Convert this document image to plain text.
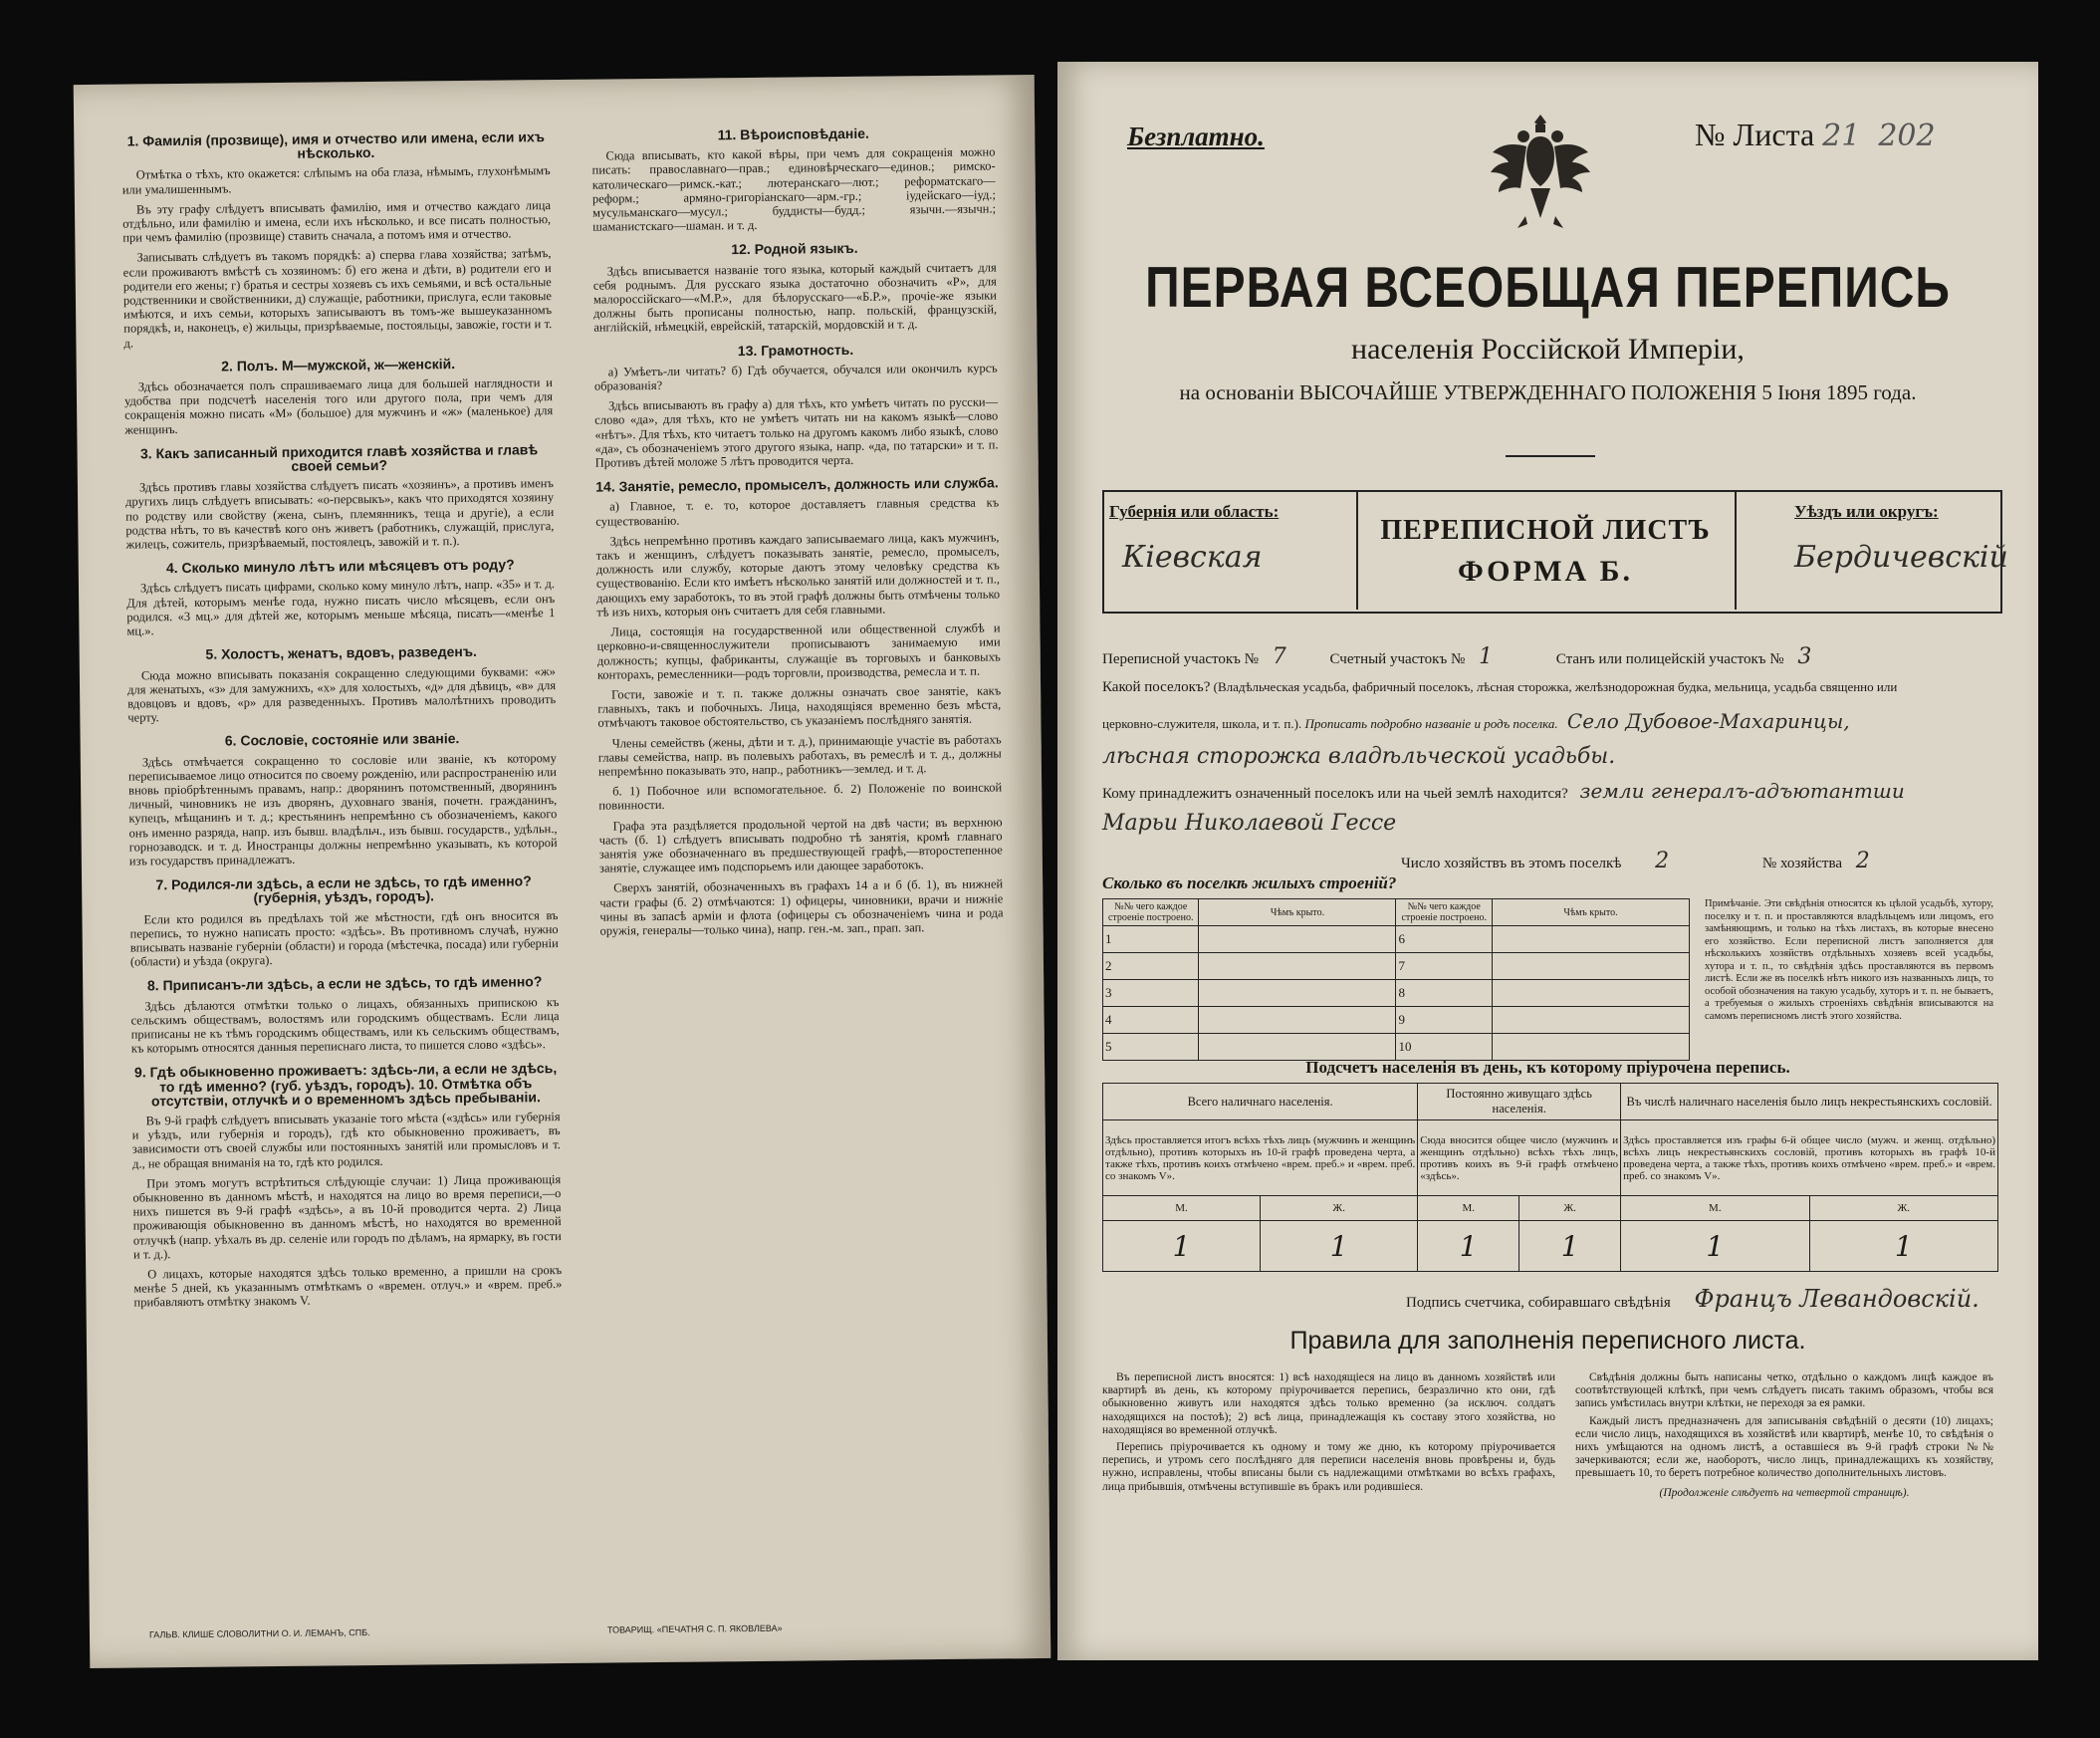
1. Фамилія (прозвище), имя и отчество или имена, если ихъ нѣсколько.

Отмѣтка о тѣхъ, кто окажется: слѣпымъ на оба глаза, нѣмымъ, глухонѣмымъ или умалишеннымъ.

Въ эту графу слѣдуетъ вписывать фамилію, имя и отчество каждаго лица отдѣльно, или фамилію и имена, если ихъ нѣсколько, и все писать полностью, при чемъ фамилію (прозвище) ставить сначала, а потомъ имя и отчество.

Записывать слѣдуетъ въ такомъ порядкѣ: а) сперва глава хозяйства; затѣмъ, если проживаютъ вмѣстѣ съ хозяиномъ: б) его жена и дѣти, в) родители его и родители его жены; г) братья и сестры хозяевъ съ ихъ семьями, и всѣ остальные родственники и свойственники, д) служащіе, работники, прислуга, если таковые имѣются, и ихъ семьи, которыхъ записываютъ въ томъ-же вышеуказанномъ порядкѣ, и, наконецъ, е) жильцы, призрѣваемые, постояльцы, завожіе, гости и т. д.

2. Полъ. М—мужской, ж—женскій.

Здѣсь обозначается полъ спрашиваемаго лица для большей наглядности и удобства при подсчетѣ населенія того или другого пола, при чемъ для сокращенія можно писать «М» (большое) для мужчинъ и «ж» (маленькое) для женщинъ.

3. Какъ записанный приходится главѣ хозяйства и главѣ своей семьи?

Здѣсь противъ главы хозяйства слѣдуетъ писать «хозяинъ», а противъ именъ другихъ лицъ слѣдуетъ вписывать: «о-персвыкъ», какъ что приходятся хозяину по родству или свойству (жена, сынъ, племянникъ, теща и другіе), а если родства нѣтъ, то въ качествѣ кого онъ живетъ (работникъ, служащій, прислуга, жилецъ, сожитель, призрѣваемый, постоялецъ, завожій и т. п.).

4. Сколько минуло лѣтъ или мѣсяцевъ отъ роду?

Здѣсь слѣдуетъ писать цифрами, сколько кому минуло лѣтъ, напр. «35» и т. д. Для дѣтей, которымъ менѣе года, нужно писать число мѣсяцевъ, если онъ родился. «3 мц.» для дѣтей же, которымъ меньше мѣсяца, писать—«менѣе 1 мц.».

5. Холостъ, женатъ, вдовъ, разведенъ.

Сюда можно вписывать показанія сокращенно следующими буквами: «ж» для женатыхъ, «з» для замужнихъ, «х» для холостыхъ, «д» для дѣвицъ, «в» для вдовцовъ и вдовъ, «р» для разведенныхъ. Противъ малолѣтнихъ проводить черту.

6. Сословіе, состояніе или званіе.

Здѣсь отмѣчается сокращенно то сословіе или званіе, къ которому переписываемое лицо относится по своему рожденію, или распространенію или вновь пріобрѣтеннымъ правамъ, напр.: дворянинъ потомственный, дворянинъ личный, чиновникъ не изъ дворянъ, духовнаго званія, почетн. гражданинъ, купецъ, мѣщанинъ и т. д.; крестьянинъ непремѣнно съ обозначеніемъ, какого онъ именно разряда, напр. изъ бывш. владѣльч., изъ бывш. государств., удѣльн., горнозаводск. и т. д. Иностранцы должны непремѣнно указывать, къ которой изъ государствъ принадлежатъ.

7. Родился-ли здѣсь, а если не здѣсь, то гдѣ именно? (губернія, уѣздъ, городъ).

Если кто родился въ предѣлахъ той же мѣстности, гдѣ онъ вносится въ перепись, то нужно написать просто: «здѣсь». Въ противномъ случаѣ, нужно вписывать названіе губерніи (области) и города (мѣстечка, посада) или губерніи (области) и уѣзда (округа).

8. Приписанъ-ли здѣсь, а если не здѣсь, то гдѣ именно?

Здѣсь дѣлаются отмѣтки только о лицахъ, обязанныхъ припискою къ сельскимъ обществамъ, волостямъ или городскимъ обществамъ. Если лица приписаны не къ тѣмъ городскимъ обществамъ, или къ сельскимъ обществамъ, къ которымъ относятся данныя переписнаго листа, то пишется слово «здѣсь».

9. Гдѣ обыкновенно проживаетъ: здѣсь-ли, а если не здѣсь, то гдѣ именно? (губ. уѣздъ, городъ). 10. Отмѣтка объ отсутствіи, отлучкѣ и о временномъ здѣсь пребываніи.

Въ 9-й графѣ слѣдуетъ вписывать указаніе того мѣста («здѣсь» или губернія и уѣздъ, или губернія и городъ), гдѣ кто обыкновенно проживаетъ, въ зависимости отъ своей службы или постоянныхъ занятій или промысловъ и т. д., не обращая вниманія на то, гдѣ кто родился.

При этомъ могутъ встрѣтиться слѣдующіе случаи: 1) Лица проживающія обыкновенно въ данномъ мѣстѣ, и находятся на лицо во время переписи,—о нихъ пишется въ 9-й графѣ «здѣсь», а въ 10-й проводится черта. 2) Лица проживающія обыкновенно въ данномъ мѣстѣ, но находятся во временной отлучкѣ (напр. уѣхалъ въ др. селеніе или городъ по дѣламъ, на ярмарку, въ гости и т. д.).

О лицахъ, которые находятся здѣсь только временно, а пришли на срокъ менѣе 5 дней, къ указаннымъ отмѣткамъ о «времен. отлуч.» и «врем. преб.» прибавляютъ отмѣтку знакомъ V.

11. Вѣроисповѣданіе.

Сюда вписывать, кто какой вѣры, при чемъ для сокращенія можно писать: православнаго—прав.; единовѣрческаго—единов.; римско-католическаго—римск.-кат.; лютеранскаго—лют.; реформатскаго—реформ.; армяно-григоріанскаго—арм.-гр.; іудейскаго—іуд.; мусульманскаго—мусул.; буддисты—будд.; язычн.—язычн.; шаманистскаго—шаман. и т. д.

12. Родной языкъ.

Здѣсь вписывается названіе того языка, который каждый считаетъ для себя роднымъ. Для русскаго языка достаточно обозначить «Р», для малороссійскаго—«М.Р.», для бѣлорусскаго—«Б.Р.», прочіе-же языки должны быть прописаны полностью, напр. польскій, французскій, англійскій, нѣмецкій, еврейскій, татарскій, мордовскій и т. д.

13. Грамотность.

а) Умѣетъ-ли читать? б) Гдѣ обучается, обучался или окончилъ курсъ образованія?

Здѣсь вписывають въ графу а) для тѣхъ, кто умѣетъ читать по русски—слово «да», для тѣхъ, кто не умѣетъ читать ни на какомъ языкѣ—слово «нѣтъ». Для тѣхъ, кто читаетъ только на другомъ какомъ либо языкѣ, слово «да», съ обозначеніемъ этого другого языка, напр. «да, по татарски» и т. п. Противъ дѣтей моложе 5 лѣтъ проводится черта.

14. Занятіе, ремесло, промыселъ, должность или служба.

а) Главное, т. е. то, которое доставляетъ главныя средства къ существованію.

Здѣсь непремѣнно противъ каждаго записываемаго лица, какъ мужчинъ, такъ и женщинъ, слѣдуетъ показывать занятіе, ремесло, промыселъ, должность или службу, которые даютъ этому человѣку средства къ существованію. Если кто имѣетъ нѣсколько занятій или должностей и т. п., дающихъ ему заработокъ, то въ этой графѣ должны быть отмѣчены только тѣ изъ нихъ, которыя онъ считаетъ для себя главными.

Лица, состоящія на государственной или общественной службѣ и церковно-и-священнослужители прописываютъ занимаемую ими должность; купцы, фабриканты, служащіе въ торговыхъ и банковыхъ конторахъ, ремесленники—родъ торговли, производства, ремесла и т. п.

Гости, завожіе и т. п. также должны означать свое занятіе, какъ главныхъ, такъ и побочныхъ. Лица, находящіяся временно безъ мѣста, отмѣчаютъ таковое обстоятельство, съ указаніемъ послѣдняго занятія.

Члены семействъ (жены, дѣти и т. д.), принимающіе участіе въ работахъ главы семейства, напр. въ полевыхъ работахъ, въ ремеслѣ и т. д., должны непремѣнно показывать это, напр., работникъ—землед. и т. д.

б. 1) Побочное или вспомогательное. б. 2) Положеніе по воинской повинности.

Графа эта раздѣляется продольной чертой на двѣ части; въ верхнюю часть (б. 1) слѣдуетъ вписывать подробно тѣ занятія, кромѣ главнаго занятія уже обозначеннаго въ предшествующей графѣ,—второстепенное занятіе, служащее имъ подспорьемъ или дающее заработокъ.

Сверхъ занятій, обозначенныхъ въ графахъ 14 а и б (б. 1), въ нижней части графы (б. 2) отмѣчаются: 1) офицеры, чиновники, врачи и нижніе чины въ запасѣ арміи и флота (офицеры съ обозначеніемъ чина и рода оружія, генералы—только чина), напр. ген.-м. зап., прап. зап.

ГАЛЬВ. КЛИШЕ СЛОВОЛИТНИ О. И. ЛЕМАНЪ, СПБ.	ТОВАРИЩ. «ПЕЧАТНЯ С. П. ЯКОВЛЕВА»
Безплатно.	№ Листа 21 202
ПЕРВАЯ ВСЕОБЩАЯ ПЕРЕПИСЬ
населенія Россійской Имперіи,
на основаніи ВЫСОЧАЙШЕ УТВЕРЖДЕННАГО ПОЛОЖЕНІЯ 5 Іюня 1895 года.
Губернія или область:
Кіевская
ПЕРЕПИСНОЙ ЛИСТЪ
ФОРМА Б.
Уѣздъ или округъ:
Бердичевскій
Переписной участокъ № 7	Счетный участокъ № 1	Станъ или полицейскій участокъ № 3
Какой поселокъ? (Владѣльческая усадьба, фабричный поселокъ, лѣсная сторожка, желѣзнодорожная будка, мельница, усадьба священно или
церковно-служителя, школа, и т. п.). Прописать подробно названіе и родъ поселка. Село Дубовое-Махаринцы,
лѣсная сторожка владѣльческой усадьбы.
Кому принадлежитъ означенный поселокъ или на чьей землѣ находится? земли генералъ-адъютантши
Марьи Николаевой Гессе
Число хозяйствъ въ этомъ поселкѣ 2	№ хозяйства 2
Сколько въ поселкѣ жилыхъ строеній?
№№ чего каждое строеніе построено.	Чѣмъ крыто.	№№ чего каждое строеніе построено.	Чѣмъ крыто.
1		6	
2		7	
3		8	
4		9	
5		10	
Примѣчаніе. Эти свѣдѣнія относятся къ цѣлой усадьбѣ, хутору, поселку и т. п. и проставляются владѣльцемъ или лицомъ, его замѣняющимъ, и только на тѣхъ листахъ, въ которые внесено его хозяйство. Если переписной листъ заполняется для нѣсколькихъ хозяйствъ отдѣльныхъ хозяевъ всей усадьбы, хутора и т. п., то свѣдѣнія здѣсь проставляются въ первомъ листѣ. Если же въ поселкѣ нѣтъ никого изъ названныхъ лицъ, то особой обозначения на такую усадьбу, хуторъ и т. п. не бываетъ, а требуемыя о жилыхъ строеніяхъ свѣдѣнія вписываются на самомъ переписномъ листѣ этого хозяйства.
Подсчетъ населенія въ день, къ которому пріурочена перепись.
Всего наличнаго населенія.		Постоянно живущаго здѣсь населенія.		Въ числѣ наличнаго населенія было лицъ некрестьянскихъ сословій.	
Здѣсь проставляется итогъ всѣхъ тѣхъ лицъ (мужчинъ и женщинъ отдѣльно), противъ которыхъ въ 10-й графѣ проведена черта, а также тѣхъ, противъ коихъ отмѣчено «врем. преб.» и «врем. преб. со знакомъ V».		Сюда вносится общее число (мужчинъ и женщинъ отдѣльно) всѣхъ тѣхъ лицъ, противъ коихъ въ 9-й графѣ отмѣчено «здѣсь».		Здѣсь проставляется изъ графы 6-й общее число (мужч. и женщ. отдѣльно) всѣхъ лицъ некрестьянскихъ сословій, противъ которыхъ въ графѣ 10-й проведена черта, а также тѣхъ, противъ коихъ отмѣчено «врем. преб.» и «врем. преб. со знакомъ V».	
М.	Ж.	М.	Ж.	М.	Ж.
1	1	1	1	1	1
Подпись счетчика, собиравшаго свѣдѣнія Францъ Левандовскій.
Правила для заполненія переписного листа.

Въ переписной листъ вносятся: 1) всѣ находящіеся на лицо въ данномъ хозяйствѣ или квартирѣ въ день, къ которому пріурочивается перепись, безразлично кто они, гдѣ обыкновенно живутъ или находятся здѣсь только временно (за исключ. солдатъ находящихся на постоѣ); 2) всѣ лица, принадлежащія къ составу этого хозяйства, но находящіяся во временной отлучкѣ.

Перепись пріурочивается къ одному и тому же дню, къ которому пріурочивается перепись, и утромъ сего послѣдняго для переписи населенія вновь провѣрены и, будь нужно, исправлены, чтобы вписаны были съ надлежащими отмѣтками во всѣхъ графахъ, лица прибывшія, отмѣчены вступившіе въ бракъ или родившіеся.

Свѣдѣнія должны быть написаны четко, отдѣльно о каждомъ лицѣ каждое въ соотвѣтствующей клѣткѣ, при чемъ слѣдуетъ писать такимъ образомъ, чтобы вся запись умѣстилась внутри клѣтки, не переходя за ея рамки.

Каждый листъ предназначенъ для записыванія свѣдѣній о десяти (10) лицахъ; если число лицъ, находящихся въ хозяйствѣ или квартирѣ, менѣе 10, то свѣдѣнія о нихъ умѣщаются на одномъ листѣ, а оставшіеся въ 9-й графѣ строки №№ зачеркиваются; если же, наоборотъ, число лицъ, принадлежащихъ къ хозяйству, превышаетъ 10, то беретъ потребное количество дополнительныхъ листовъ.

(Продолженіе слѣдуетъ на четвертой страницѣ).
